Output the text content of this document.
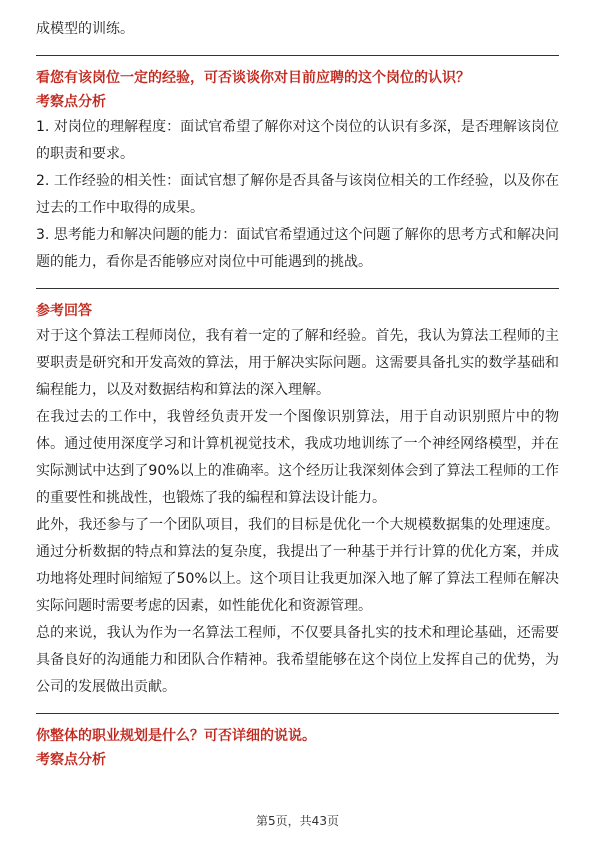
成模型的训练。

看您有该岗位一定的经验，可否谈谈你对目前应聘的这个岗位的认识？

考察点分析

1. 对岗位的理解程度：面试官希望了解你对这个岗位的认识有多深，是否理解该岗位的职责和要求。

2. 工作经验的相关性：面试官想了解你是否具备与该岗位相关的工作经验，以及你在过去的工作中取得的成果。

3. 思考能力和解决问题的能力：面试官希望通过这个问题了解你的思考方式和解决问题的能力，看你是否能够应对岗位中可能遇到的挑战。

参考回答

对于这个算法工程师岗位，我有着一定的了解和经验。首先，我认为算法工程师的主要职责是研究和开发高效的算法，用于解决实际问题。这需要具备扎实的数学基础和编程能力，以及对数据结构和算法的深入理解。

在我过去的工作中，我曾经负责开发一个图像识别算法，用于自动识别照片中的物体。通过使用深度学习和计算机视觉技术，我成功地训练了一个神经网络模型，并在实际测试中达到了90%以上的准确率。这个经历让我深刻体会到了算法工程师的工作的重要性和挑战性，也锻炼了我的编程和算法设计能力。

此外，我还参与了一个团队项目，我们的目标是优化一个大规模数据集的处理速度。通过分析数据的特点和算法的复杂度，我提出了一种基于并行计算的优化方案，并成功地将处理时间缩短了50%以上。这个项目让我更加深入地了解了算法工程师在解决实际问题时需要考虑的因素，如性能优化和资源管理。

总的来说，我认为作为一名算法工程师，不仅要具备扎实的技术和理论基础，还需要具备良好的沟通能力和团队合作精神。我希望能够在这个岗位上发挥自己的优势，为公司的发展做出贡献。

你整体的职业规划是什么？可否详细的说说。

考察点分析

第5页，共43页
